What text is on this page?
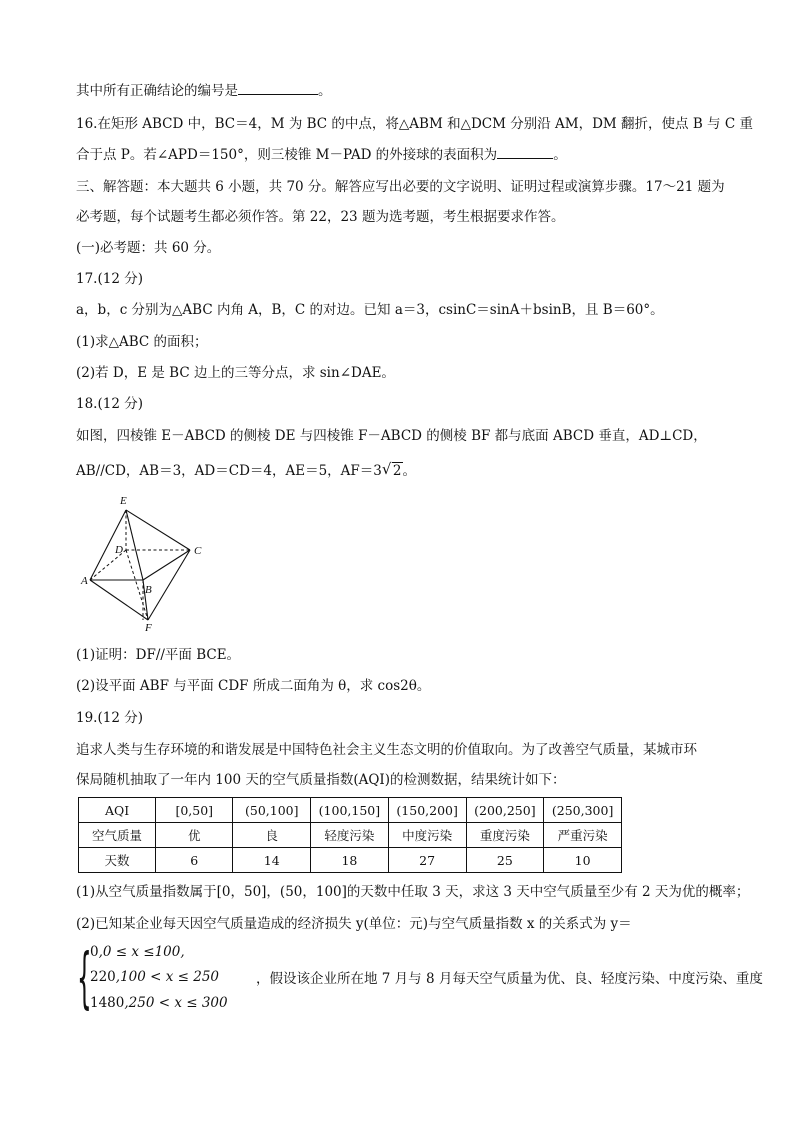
其中所有正确结论的编号是	。
16.在矩形 ABCD 中，BC＝4，M 为 BC 的中点，将△ABM 和△DCM 分别沿 AM，DM 翻折，使点 B 与 C 重
合于点 P。若∠APD＝150°，则三棱锥 M－PAD 的外接球的表面积为	。
三、解答题：本大题共 6 小题，共 70 分。解答应写出必要的文字说明、证明过程或演算步骤。17～21 题为
必考题，每个试题考生都必须作答。第 22，23 题为选考题，考生根据要求作答。
(一)必考题：共 60 分。
17.(12 分)
a，b，c 分别为△ABC 内角 A，B，C 的对边。已知 a＝3，csinC＝sinA＋bsinB，且 B＝60°。
(1)求△ABC 的面积；
(2)若 D，E 是 BC 边上的三等分点，求 sin∠DAE。
18.(12 分)
如图，四棱锥 E－ABCD 的侧棱 DE 与四棱锥 F－ABCD 的侧棱 BF 都与底面 ABCD 垂直，AD⊥CD，
AB//CD，AB＝3，AD＝CD＝4，AE＝5，AF＝3 √ 2。
E
D	C
A
B
F
(1)证明：DF//平面 BCE。
(2)设平面 ABF 与平面 CDF 所成二面角为 θ，求 cos2θ。
19.(12 分)
追求人类与生存环境的和谐发展是中国特色社会主义生态文明的价值取向。为了改善空气质量，某城市环
保局随机抽取了一年内 100 天的空气质量指数(AQI)的检测数据，结果统计如下：
AQI	[0,50]	(50,100]	(100,150]	(150,200]	(200,250]	(250,300]
空气质量	优	良	轻度污染	中度污染	重度污染	严重污染
天数	6	14	18	27	25	10
(1)从空气质量指数属于[0，50]，(50，100]的天数中任取 3 天，求这 3 天中空气质量至少有 2 天为优的概率；
(2)已知某企业每天因空气质量造成的经济损失 y(单位：元)与空气质量指数 x 的关系式为 y＝
{
0,0 ≤ x ≤100,
220,100 < x ≤ 250
1480,250 < x ≤ 300
，假设该企业所在地 7 月与 8 月每天空气质量为优、良、轻度污染、中度污染、重度
